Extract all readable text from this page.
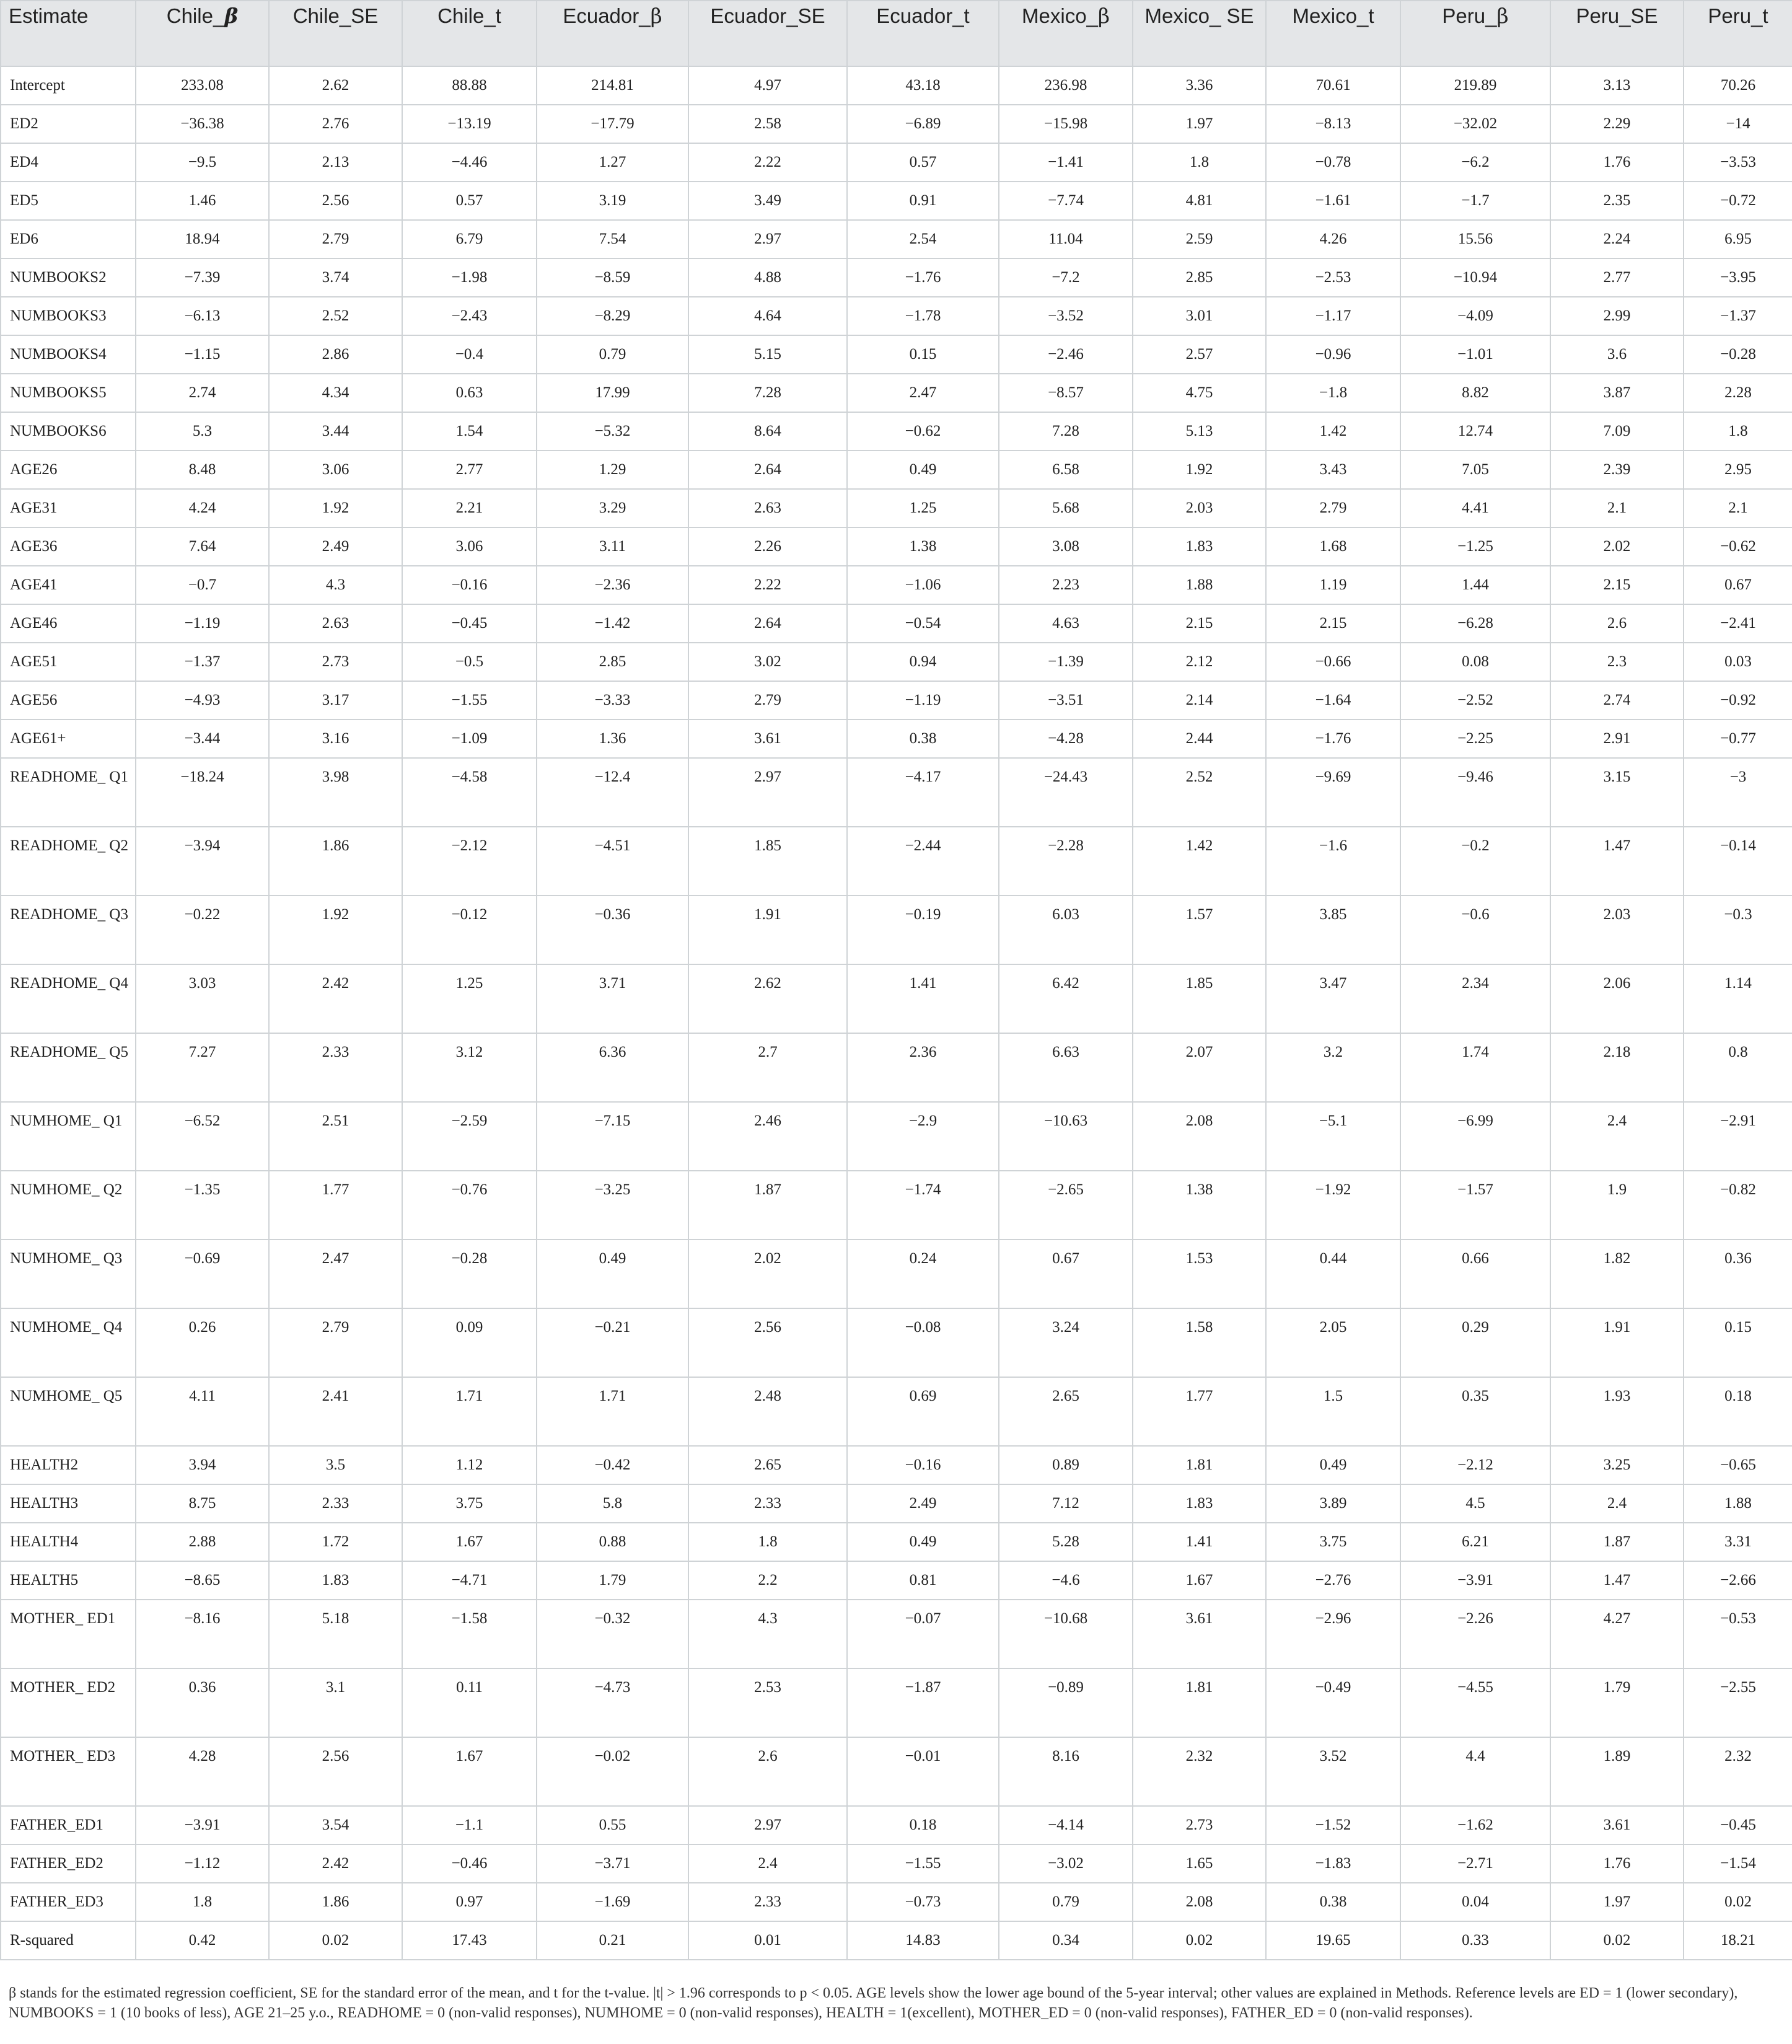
Estimate	Chile_β	Chile_SE	Chile_t	Ecuador_β	Ecuador_SE	Ecuador_t	Mexico_β	Mexico_ SE	Mexico_t	Peru_β	Peru_SE	Peru_t
Intercept	233.08	2.62	88.88	214.81	4.97	43.18	236.98	3.36	70.61	219.89	3.13	70.26
ED2	−36.38	2.76	−13.19	−17.79	2.58	−6.89	−15.98	1.97	−8.13	−32.02	2.29	−14
ED4	−9.5	2.13	−4.46	1.27	2.22	0.57	−1.41	1.8	−0.78	−6.2	1.76	−3.53
ED5	1.46	2.56	0.57	3.19	3.49	0.91	−7.74	4.81	−1.61	−1.7	2.35	−0.72
ED6	18.94	2.79	6.79	7.54	2.97	2.54	11.04	2.59	4.26	15.56	2.24	6.95
NUMBOOKS2	−7.39	3.74	−1.98	−8.59	4.88	−1.76	−7.2	2.85	−2.53	−10.94	2.77	−3.95
NUMBOOKS3	−6.13	2.52	−2.43	−8.29	4.64	−1.78	−3.52	3.01	−1.17	−4.09	2.99	−1.37
NUMBOOKS4	−1.15	2.86	−0.4	0.79	5.15	0.15	−2.46	2.57	−0.96	−1.01	3.6	−0.28
NUMBOOKS5	2.74	4.34	0.63	17.99	7.28	2.47	−8.57	4.75	−1.8	8.82	3.87	2.28
NUMBOOKS6	5.3	3.44	1.54	−5.32	8.64	−0.62	7.28	5.13	1.42	12.74	7.09	1.8
AGE26	8.48	3.06	2.77	1.29	2.64	0.49	6.58	1.92	3.43	7.05	2.39	2.95
AGE31	4.24	1.92	2.21	3.29	2.63	1.25	5.68	2.03	2.79	4.41	2.1	2.1
AGE36	7.64	2.49	3.06	3.11	2.26	1.38	3.08	1.83	1.68	−1.25	2.02	−0.62
AGE41	−0.7	4.3	−0.16	−2.36	2.22	−1.06	2.23	1.88	1.19	1.44	2.15	0.67
AGE46	−1.19	2.63	−0.45	−1.42	2.64	−0.54	4.63	2.15	2.15	−6.28	2.6	−2.41
AGE51	−1.37	2.73	−0.5	2.85	3.02	0.94	−1.39	2.12	−0.66	0.08	2.3	0.03
AGE56	−4.93	3.17	−1.55	−3.33	2.79	−1.19	−3.51	2.14	−1.64	−2.52	2.74	−0.92
AGE61+	−3.44	3.16	−1.09	1.36	3.61	0.38	−4.28	2.44	−1.76	−2.25	2.91	−0.77
READHOME_ Q1	−18.24	3.98	−4.58	−12.4	2.97	−4.17	−24.43	2.52	−9.69	−9.46	3.15	−3
READHOME_ Q2	−3.94	1.86	−2.12	−4.51	1.85	−2.44	−2.28	1.42	−1.6	−0.2	1.47	−0.14
READHOME_ Q3	−0.22	1.92	−0.12	−0.36	1.91	−0.19	6.03	1.57	3.85	−0.6	2.03	−0.3
READHOME_ Q4	3.03	2.42	1.25	3.71	2.62	1.41	6.42	1.85	3.47	2.34	2.06	1.14
READHOME_ Q5	7.27	2.33	3.12	6.36	2.7	2.36	6.63	2.07	3.2	1.74	2.18	0.8
NUMHOME_ Q1	−6.52	2.51	−2.59	−7.15	2.46	−2.9	−10.63	2.08	−5.1	−6.99	2.4	−2.91
NUMHOME_ Q2	−1.35	1.77	−0.76	−3.25	1.87	−1.74	−2.65	1.38	−1.92	−1.57	1.9	−0.82
NUMHOME_ Q3	−0.69	2.47	−0.28	0.49	2.02	0.24	0.67	1.53	0.44	0.66	1.82	0.36
NUMHOME_ Q4	0.26	2.79	0.09	−0.21	2.56	−0.08	3.24	1.58	2.05	0.29	1.91	0.15
NUMHOME_ Q5	4.11	2.41	1.71	1.71	2.48	0.69	2.65	1.77	1.5	0.35	1.93	0.18
HEALTH2	3.94	3.5	1.12	−0.42	2.65	−0.16	0.89	1.81	0.49	−2.12	3.25	−0.65
HEALTH3	8.75	2.33	3.75	5.8	2.33	2.49	7.12	1.83	3.89	4.5	2.4	1.88
HEALTH4	2.88	1.72	1.67	0.88	1.8	0.49	5.28	1.41	3.75	6.21	1.87	3.31
HEALTH5	−8.65	1.83	−4.71	1.79	2.2	0.81	−4.6	1.67	−2.76	−3.91	1.47	−2.66
MOTHER_ ED1	−8.16	5.18	−1.58	−0.32	4.3	−0.07	−10.68	3.61	−2.96	−2.26	4.27	−0.53
MOTHER_ ED2	0.36	3.1	0.11	−4.73	2.53	−1.87	−0.89	1.81	−0.49	−4.55	1.79	−2.55
MOTHER_ ED3	4.28	2.56	1.67	−0.02	2.6	−0.01	8.16	2.32	3.52	4.4	1.89	2.32
FATHER_ED1	−3.91	3.54	−1.1	0.55	2.97	0.18	−4.14	2.73	−1.52	−1.62	3.61	−0.45
FATHER_ED2	−1.12	2.42	−0.46	−3.71	2.4	−1.55	−3.02	1.65	−1.83	−2.71	1.76	−1.54
FATHER_ED3	1.8	1.86	0.97	−1.69	2.33	−0.73	0.79	2.08	0.38	0.04	1.97	0.02
R-squared	0.42	0.02	17.43	0.21	0.01	14.83	0.34	0.02	19.65	0.33	0.02	18.21
β stands for the estimated regression coefficient, SE for the standard error of the mean, and t for the t-value. |t| > 1.96 corresponds to p < 0.05. AGE levels show the lower age bound of the 5-year interval; other values are explained in Methods. Reference levels are ED = 1 (lower secondary), NUMBOOKS = 1 (10 books of less), AGE 21–25 y.o., READHOME = 0 (non-valid responses), NUMHOME = 0 (non-valid responses), HEALTH = 1(excellent), MOTHER_ED = 0 (non-valid responses), FATHER_ED = 0 (non-valid responses).
